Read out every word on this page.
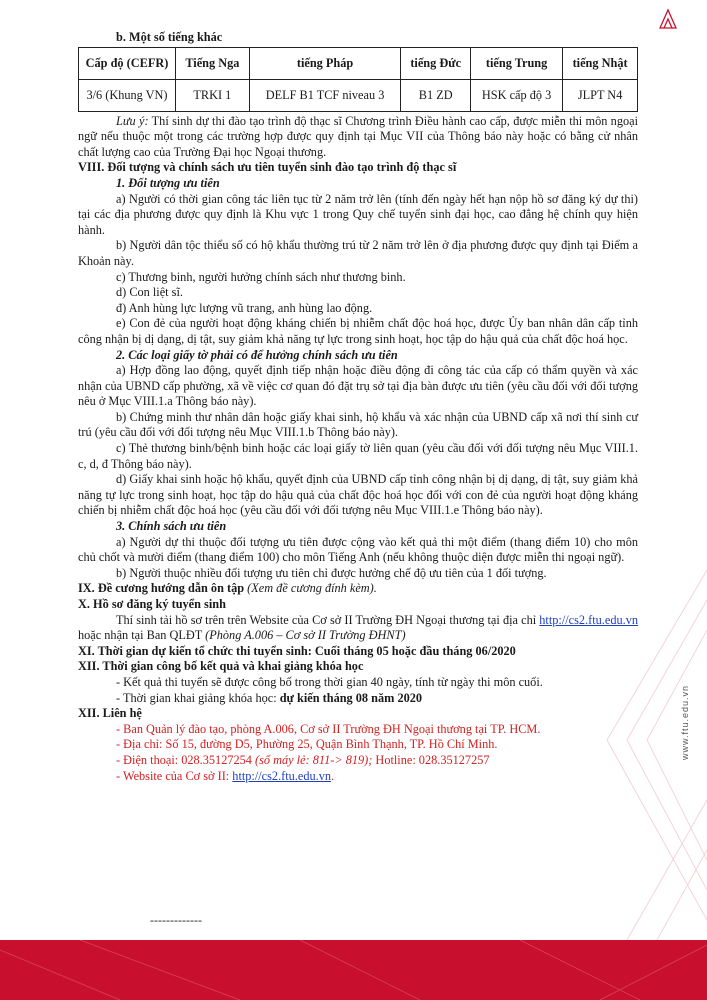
b. Một số tiếng khác

Cấp độ (CEFR)	Tiếng Nga	tiếng Pháp	tiếng Đức	tiếng Trung	tiếng Nhật
3/6 (Khung VN)	TRKI 1	DELF B1 TCF niveau 3	B1 ZD	HSK cấp độ 3	JLPT N4

Lưu ý: Thí sinh dự thi đào tạo trình độ thạc sĩ Chương trình Điều hành cao cấp, được miễn thi môn ngoại ngữ nếu thuộc một trong các trường hợp được quy định tại Mục VII của Thông báo này hoặc có bằng cử nhân chất lượng cao của Trường Đại học Ngoại thương.

VIII. Đối tượng và chính sách ưu tiên tuyển sinh đào tạo trình độ thạc sĩ

1. Đối tượng ưu tiên

a) Người có thời gian công tác liên tục từ 2 năm trở lên (tính đến ngày hết hạn nộp hồ sơ đăng ký dự thi) tại các địa phương được quy định là Khu vực 1 trong Quy chế tuyển sinh đại học, cao đẳng hệ chính quy hiện hành.

b) Người dân tộc thiểu số có hộ khẩu thường trú từ 2 năm trở lên ở địa phương được quy định tại Điểm a Khoản này.

c) Thương binh, người hưởng chính sách như thương binh.

d) Con liệt sĩ.

đ) Anh hùng lực lượng vũ trang, anh hùng lao động.

e) Con đẻ của người hoạt động kháng chiến bị nhiễm chất độc hoá học, được Ủy ban nhân dân cấp tỉnh công nhận bị dị dạng, dị tật, suy giảm khả năng tự lực trong sinh hoạt, học tập do hậu quả của chất độc hoá học.

2. Các loại giấy tờ phải có để hưởng chính sách ưu tiên

a) Hợp đồng lao động, quyết định tiếp nhận hoặc điều động đi công tác của cấp có thẩm quyền và xác nhận của UBND cấp phường, xã về việc cơ quan đó đặt trụ sở tại địa bàn được ưu tiên (yêu cầu đối với đối tượng nêu ở Mục VIII.1.a Thông báo này).

b) Chứng minh thư nhân dân hoặc giấy khai sinh, hộ khẩu và xác nhận của UBND cấp xã nơi thí sinh cư trú (yêu cầu đối với đối tượng nêu Mục VIII.1.b Thông báo này).

c) Thẻ thương binh/bệnh binh hoặc các loại giấy tờ liên quan (yêu cầu đối với đối tượng nêu Mục VIII.1. c, d, đ Thông báo này).

d) Giấy khai sinh hoặc hộ khẩu, quyết định của UBND cấp tỉnh công nhận bị dị dạng, dị tật, suy giảm khả năng tự lực trong sinh hoạt, học tập do hậu quả của chất độc hoá học đối với con đẻ của người hoạt động kháng chiến bị nhiễm chất độc hoá học (yêu cầu đối với đối tượng nêu Mục VIII.1.e Thông báo này).

3. Chính sách ưu tiên

a) Người dự thi thuộc đối tượng ưu tiên được cộng vào kết quả thi một điểm (thang điểm 10) cho môn chủ chốt và mười điểm (thang điểm 100) cho môn Tiếng Anh (nếu không thuộc diện được miễn thi ngoại ngữ).

b) Người thuộc nhiều đối tượng ưu tiên chỉ được hưởng chế độ ưu tiên của 1 đối tượng.

IX. Đề cương hướng dẫn ôn tập (Xem đề cương đính kèm).

X. Hồ sơ đăng ký tuyển sinh

Thí sinh tải hồ sơ trên trên Website của Cơ sở II Trường ĐH Ngoại thương tại địa chỉ http://cs2.ftu.edu.vn hoặc nhận tại Ban QLĐT (Phòng A.006 – Cơ sở II Trường ĐHNT)

XI. Thời gian dự kiến tổ chức thi tuyển sinh: Cuối tháng 05 hoặc đầu tháng 06/2020

XII. Thời gian công bố kết quả và khai giảng khóa học

- Kết quả thi tuyển sẽ được công bố trong thời gian 40 ngày, tính từ ngày thi môn cuối.

- Thời gian khai giảng khóa học: dự kiến tháng 08 năm 2020

XII. Liên hệ

- Ban Quản lý đào tạo, phòng A.006, Cơ sở II Trường ĐH Ngoại thương tại TP. HCM.

- Địa chỉ: Số 15, đường D5, Phường 25, Quận Bình Thạnh, TP. Hồ Chí Minh.

- Điện thoại: 028.35127254 (số máy lẻ: 811-> 819); Hotline: 028.35127257

- Website của Cơ sở II: http://cs2.ftu.edu.vn.

-------------
www.ftu.edu.vn
